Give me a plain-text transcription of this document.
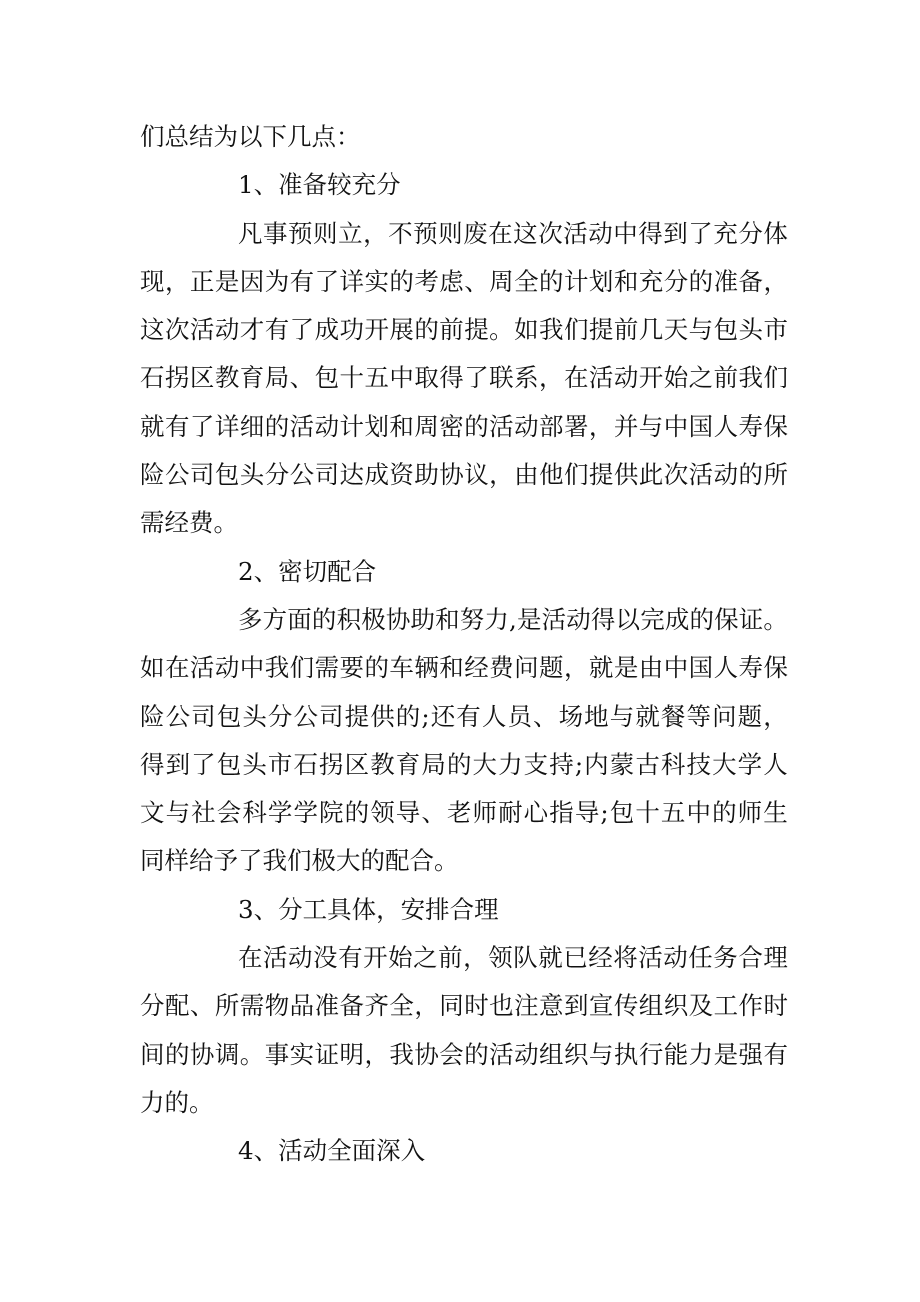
们总结为以下几点：
1、准备较充分
凡 事 预 则 立 ， 不 预 则 废 在 这 次 活 动 中 得 到 了 充 分 体
现 ， 正 是 因 为 有 了 详 实 的 考 虑 、 周 全 的 计 划 和 充 分 的 准 备 ，
这 次 活 动 才 有 了 成 功 开 展 的 前 提 。 如 我 们 提 前 几 天 与 包 头 市
石 拐 区 教 育 局 、 包 十 五 中 取 得 了 联 系 ， 在 活 动 开 始 之 前 我 们
就 有 了 详 细 的 活 动 计 划 和 周 密 的 活 动 部 署 ， 并 与 中 国 人 寿 保
险 公 司 包 头 分 公 司 达 成 资 助 协 议 ， 由 他 们 提 供 此 次 活 动 的 所
需经费。
2、密切配合
多 方 面 的 积 极 协 助 和 努 力 , 是 活 动 得 以 完 成 的 保 证 。
如 在 活 动 中 我 们 需 要 的 车 辆 和 经 费 问 题 ， 就 是 由 中 国 人 寿 保
险 公 司 包 头 分 公 司 提 供 的 ; 还 有 人 员 、 场 地 与 就 餐 等 问 题 ，
得 到 了 包 头 市 石 拐 区 教 育 局 的 大 力 支 持 ; 内 蒙 古 科 技 大 学 人
文 与 社 会 科 学 学 院 的 领 导 、 老 师 耐 心 指 导 ; 包 十 五 中 的 师 生
同样给予了我们极大的配合。
3、分工具体，安排合理
在 活 动 没 有 开 始 之 前 ， 领 队 就 已 经 将 活 动 任 务 合 理
分 配 、 所 需 物 品 准 备 齐 全 ， 同 时 也 注 意 到 宣 传 组 织 及 工 作 时
间 的 协 调 。 事 实 证 明 ， 我 协 会 的 活 动 组 织 与 执 行 能 力 是 强 有
力的。
4、活动全面深入
